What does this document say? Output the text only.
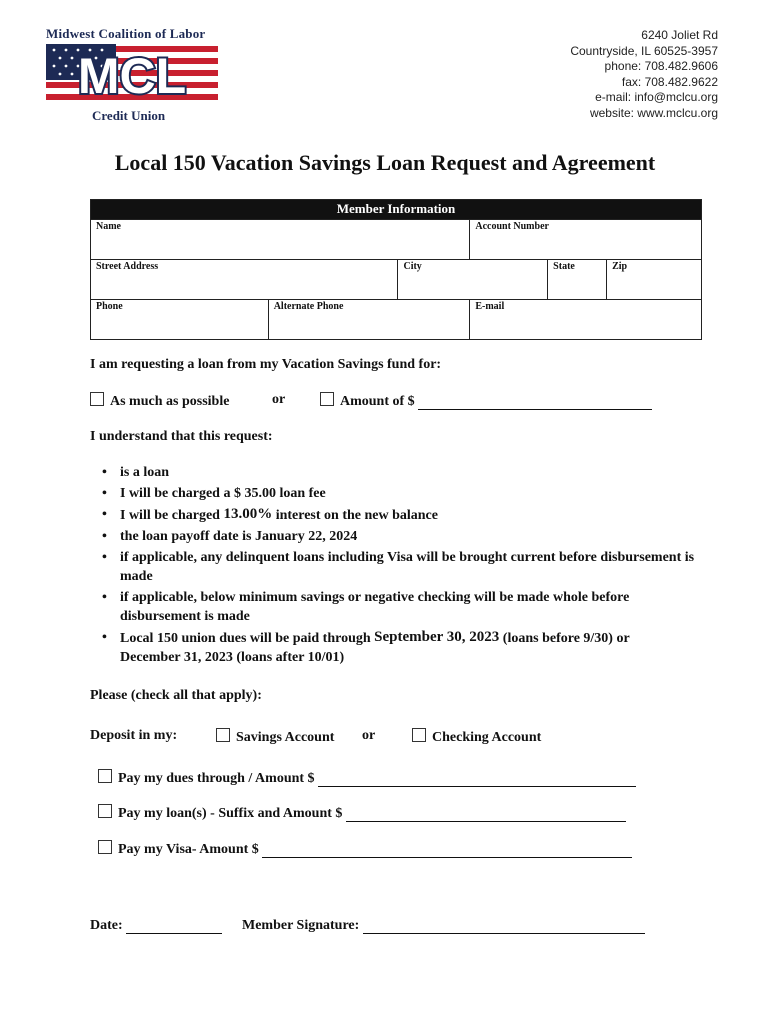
Midwest Coalition of Labor
MCL
Credit Union
6240 Joliet Rd
Countryside, IL 60525-3957
phone: 708.482.9606
fax: 708.482.9622
e-mail: info@mclcu.org
website: www.mclcu.org
Local 150 Vacation Savings Loan Request and Agreement
Member Information					
Name			Account Number		
Street Address		City		State	Zip
Phone	Alternate Phone		E-mail		
I am requesting a loan from my Vacation Savings fund for:
As much as possible	or	Amount of $
I understand that this request:
• is a loan
• I will be charged a $ 35.00 loan fee
• I will be charged 13.00% interest on the new balance
• the loan payoff date is January 22, 2024
• if applicable, any delinquent loans including Visa will be brought current before disbursement is made
• if applicable, below minimum savings or negative checking will be made whole before disbursement is made
• Local 150 union dues will be paid through September 30, 2023 (loans before 9/30) or
December 31, 2023 (loans after 10/01)
Please (check all that apply):
Deposit in my:	Savings Account or	Checking Account
Pay my dues through / Amount $
Pay my loan(s) - Suffix and Amount $
Pay my Visa- Amount $
Date:	Member Signature:
